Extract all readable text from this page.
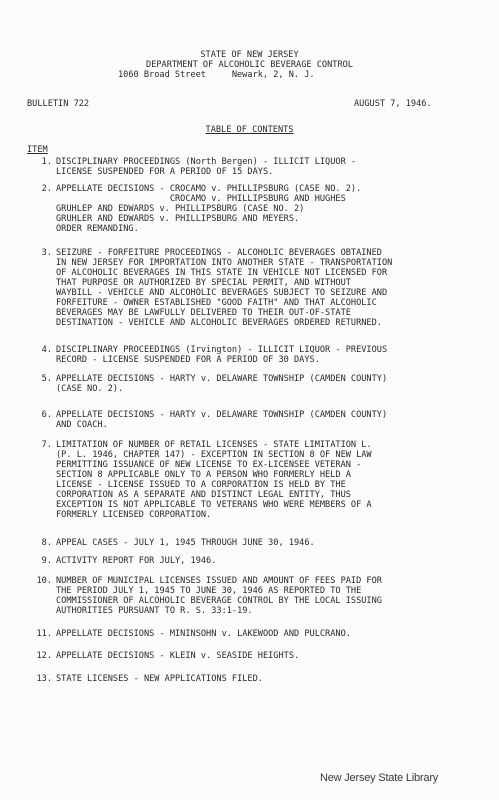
STATE OF NEW JERSEY
DEPARTMENT OF ALCOHOLIC BEVERAGE CONTROL
1060 Broad Street     Newark, 2, N. J.
BULLETIN 722	AUGUST 7, 1946.
TABLE OF CONTENTS
ITEM
1. DISCIPLINARY PROCEEDINGS (North Bergen) - ILLICIT LIQUOR -
LICENSE SUSPENDED FOR A PERIOD OF 15 DAYS.
2. APPELLATE DECISIONS - CROCAMO v. PHILLIPSBURG (CASE NO. 2).
CROCAMO v. PHILLIPSBURG AND HUGHES
GRUHLEP AND EDWARDS v. PHILLIPSBURG (CASE NO. 2)
GRUHLER AND EDWARDS v. PHILLIPSBURG AND MEYERS.
ORDER REMANDING.
3. SEIZURE - FORFEITURE PROCEEDINGS - ALCOHOLIC BEVERAGES OBTAINED
IN NEW JERSEY FOR IMPORTATION INTO ANOTHER STATE - TRANSPORTATION
OF ALCOHOLIC BEVERAGES IN THIS STATE IN VEHICLE NOT LICENSED FOR
THAT PURPOSE OR AUTHORIZED BY SPECIAL PERMIT, AND WITHOUT
WAYBILL - VEHICLE AND ALCOHOLIC BEVERAGES SUBJECT TO SEIZURE AND
FORFEITURE - OWNER ESTABLISHED "GOOD FAITH" AND THAT ALCOHOLIC
BEVERAGES MAY BE LAWFULLY DELIVERED TO THEIR OUT-OF-STATE
DESTINATION - VEHICLE AND ALCOHOLIC BEVERAGES ORDERED RETURNED.
4. DISCIPLINARY PROCEEDINGS (Irvington) - ILLICIT LIQUOR - PREVIOUS
RECORD - LICENSE SUSPENDED FOR A PERIOD OF 30 DAYS.
5. APPELLATE DECISIONS - HARTY v. DELAWARE TOWNSHIP (CAMDEN COUNTY)
(CASE NO. 2).
6. APPELLATE DECISIONS - HARTY v. DELAWARE TOWNSHIP (CAMDEN COUNTY)
AND COACH.
7. LIMITATION OF NUMBER OF RETAIL LICENSES - STATE LIMITATION L.
(P. L. 1946, CHAPTER 147) - EXCEPTION IN SECTION 8 OF NEW LAW
PERMITTING ISSUANCE OF NEW LICENSE TO EX-LICENSEE VETERAN -
SECTION 8 APPLICABLE ONLY TO A PERSON WHO FORMERLY HELD A
LICENSE - LICENSE ISSUED TO A CORPORATION IS HELD BY THE
CORPORATION AS A SEPARATE AND DISTINCT LEGAL ENTITY, THUS
EXCEPTION IS NOT APPLICABLE TO VETERANS WHO WERE MEMBERS OF A
FORMERLY LICENSED CORPORATION.
8. APPEAL CASES - JULY 1, 1945 THROUGH JUNE 30, 1946.
9. ACTIVITY REPORT FOR JULY, 1946.
10. NUMBER OF MUNICIPAL LICENSES ISSUED AND AMOUNT OF FEES PAID FOR
THE PERIOD JULY 1, 1945 TO JUNE 30, 1946 AS REPORTED TO THE
COMMISSIONER OF ALCOHOLIC BEVERAGE CONTROL BY THE LOCAL ISSUING
AUTHORITIES PURSUANT TO R. S. 33:1-19.
11. APPELLATE DECISIONS - MININSOHN v. LAKEWOOD AND PULCRANO.
12. APPELLATE DECISIONS - KLEIN v. SEASIDE HEIGHTS.
13. STATE LICENSES - NEW APPLICATIONS FILED.
New Jersey State Library
